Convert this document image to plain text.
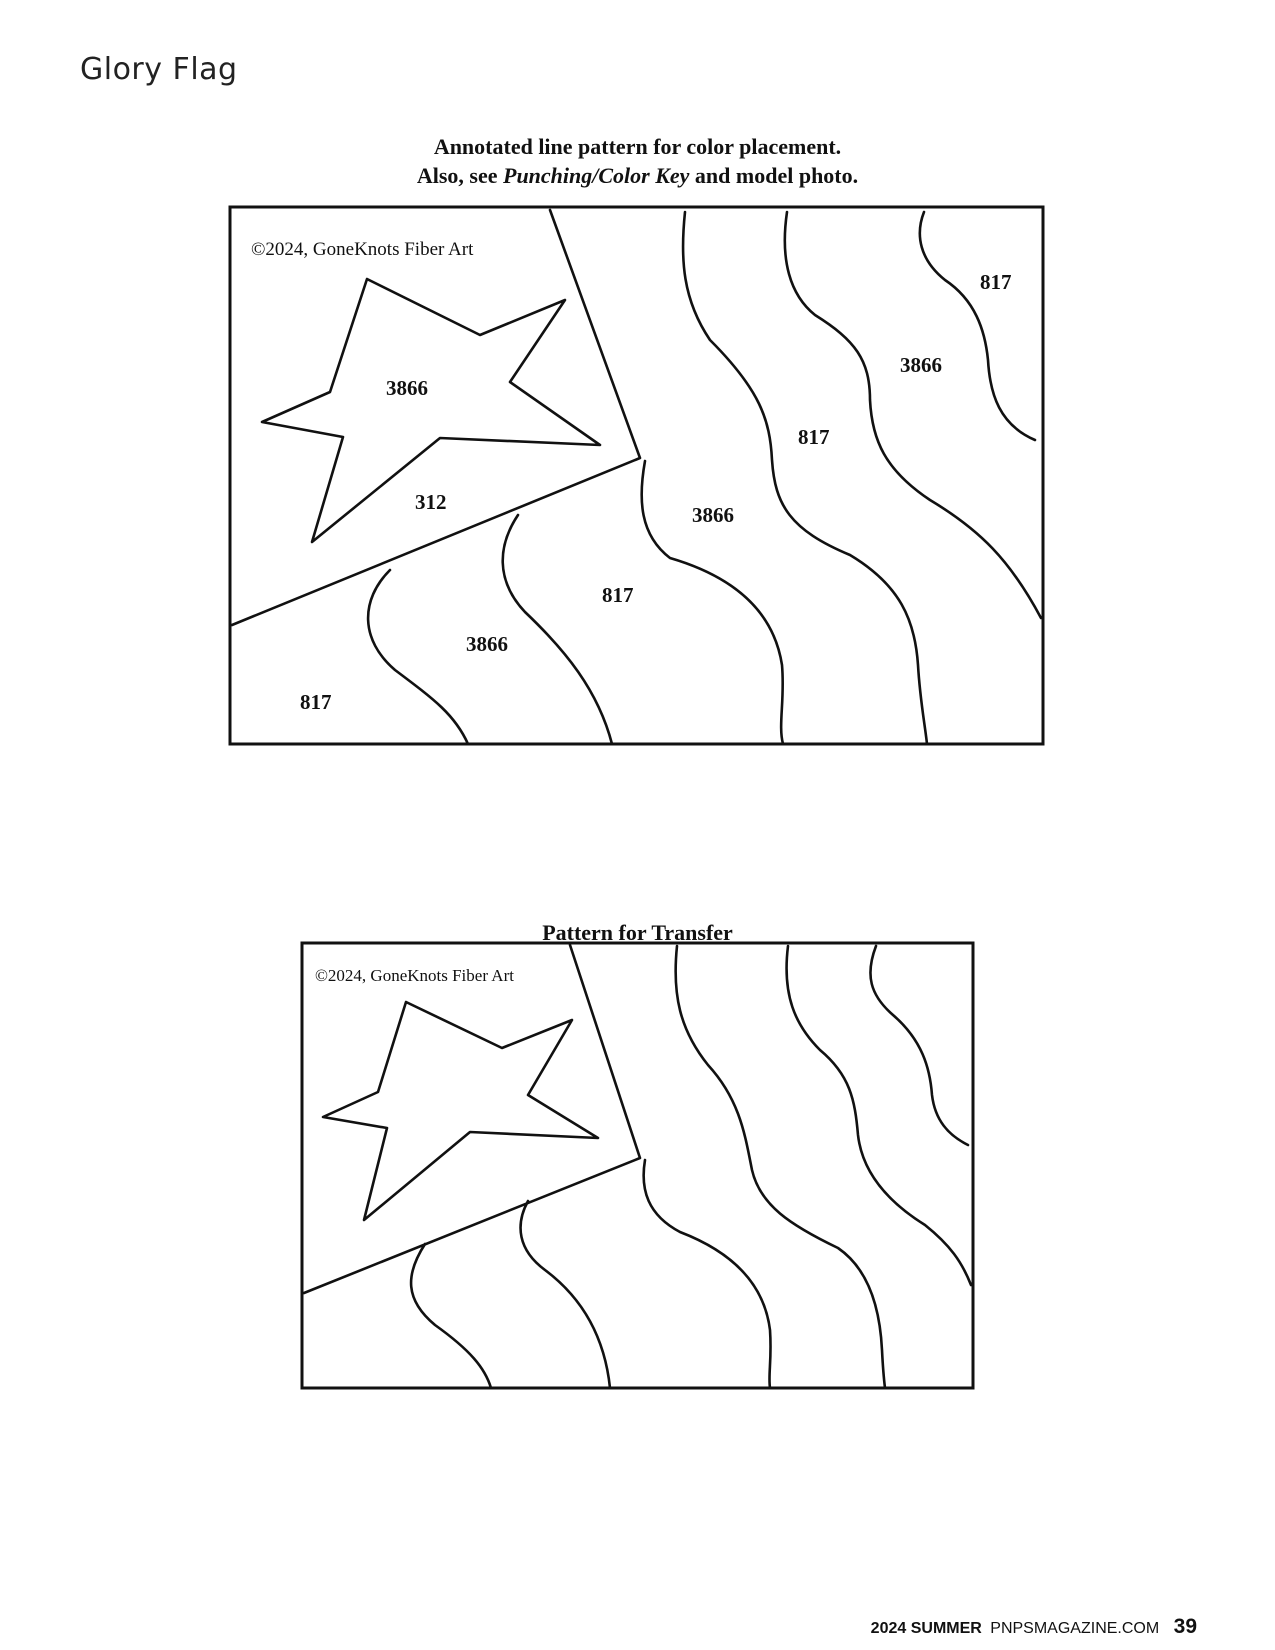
Glory Flag
Annotated line pattern for color placement.
Also, see Punching/Color Key and model photo.
©2024, GoneKnots Fiber Art
3866
312
817
3866
817
3866
817
3866
817
©2024, GoneKnots Fiber Art
Pattern for Transfer
2024 SUMMER PNPSMAGAZINE.COM 39
